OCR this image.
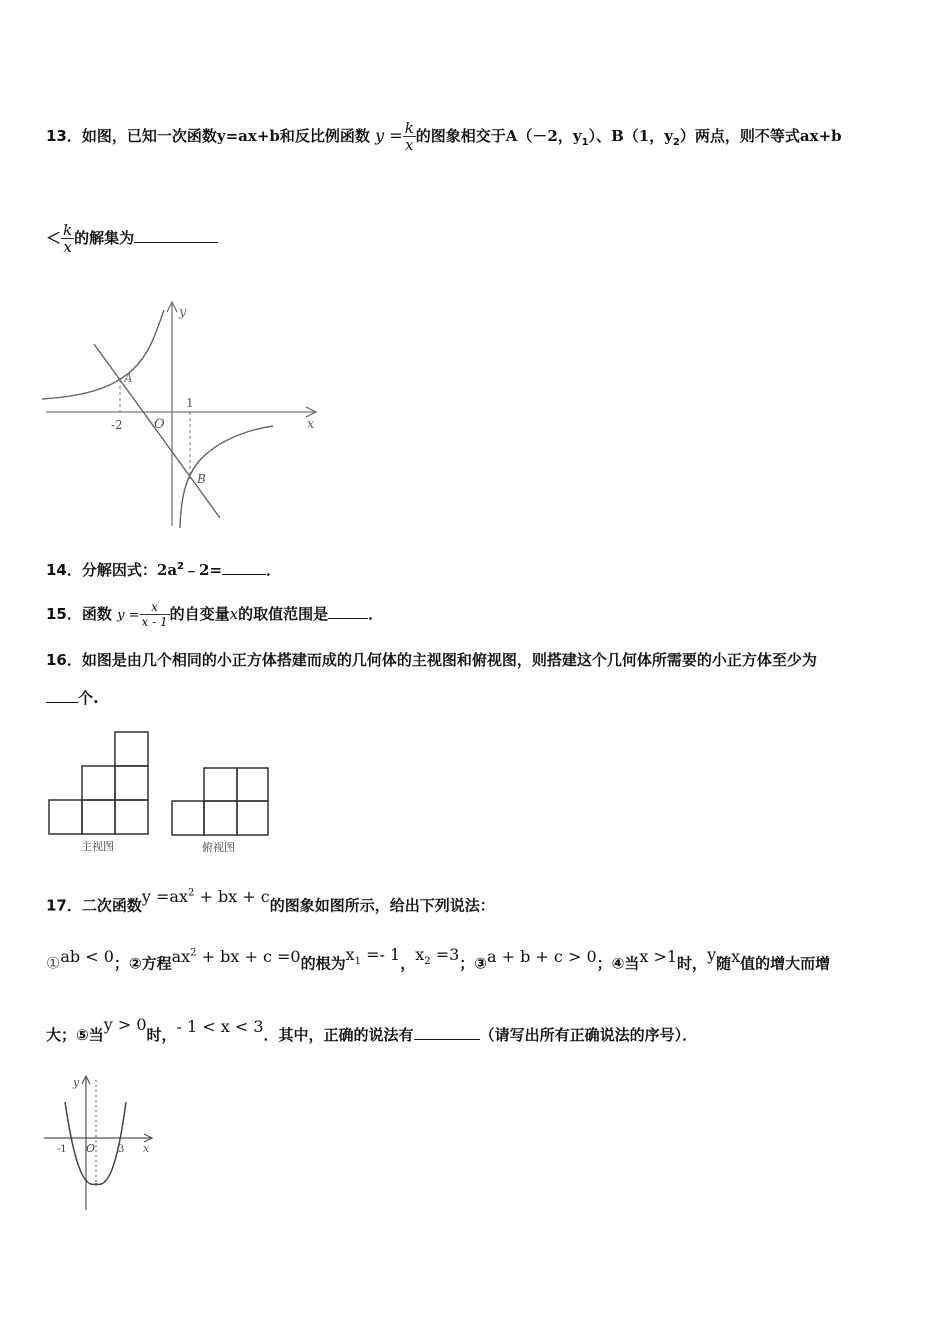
13．如图，已知一次函数y=ax+b和反比例函数 $y = \frac{k}{x}$ 的图象相交于A（－2，$y_1$）、B（1，$y_2$）两点，则不等式ax+b
＜ $\frac{k}{x}$ 的解集为
y
x
O
-2
1
A
B
14．分解因式：$2a^2﹣2=$	．
15．函数 $y = \frac{x}{x - 1}$ 的自变量x的取值范围是	．
16．如图是由几个相同的小正方体搭建而成的几何体的主视图和俯视图，则搭建这个几何体所需要的小正方体至少为
个.
主视图	俯视图
17．二次函数$y =ax^2$ + bx + c的图象如图所示，给出下列说法：
①ab < 0；②方程$ax^2$ + bx + c =0的根为$x_1 =- 1$，$x_2 =3$；③a + b + c > 0；④当x >1时，y随x值的增大而增
大；⑤当y > 0时，- 1 < x < 3．其中，正确的说法有	（请写出所有正确说法的序号）．
y
x
O
-1	3
